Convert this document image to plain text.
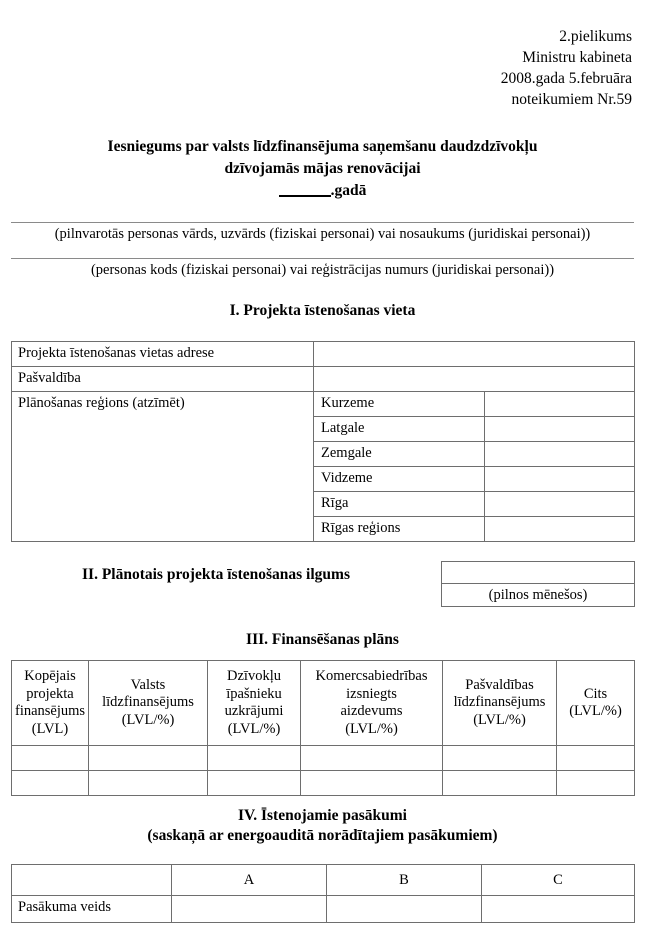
2.pielikums
Ministru kabineta
2008.gada 5.februāra
noteikumiem Nr.59
Iesniegums par valsts līdzfinansējuma saņemšanu daudzdzīvokļu
dzīvojamās mājas renovācijai
.gadā
(pilnvarotās personas vārds, uzvārds (fiziskai personai) vai nosaukums (juridiskai personai))
(personas kods (fiziskai personai) vai reģistrācijas numurs (juridiskai personai))
I. Projekta īstenošanas vieta
Projekta īstenošanas vietas adrese		
Pašvaldība		
Plānošanas reģions (atzīmēt)	Kurzeme	
	Latgale	
	Zemgale	
	Vidzeme	
	Rīga	
	Rīgas reģions	
II. Plānotais projekta īstenošanas ilgums

(pilnos mēnešos)
III. Finansēšanas plāns
Kopējais
projekta
finansējums
(LVL)	Valsts
līdzfinansējums
(LVL/%)	Dzīvokļu
īpašnieku
uzkrājumi
(LVL/%)	Komercsabiedrības
izsniegts
aizdevums
(LVL/%)	Pašvaldības
līdzfinansējums
(LVL/%)	Cits
(LVL/%)

IV. Īstenojamie pasākumi
(saskaņā ar energoauditā norādītajiem pasākumiem)
	A	B	C
Pasākuma veids			
